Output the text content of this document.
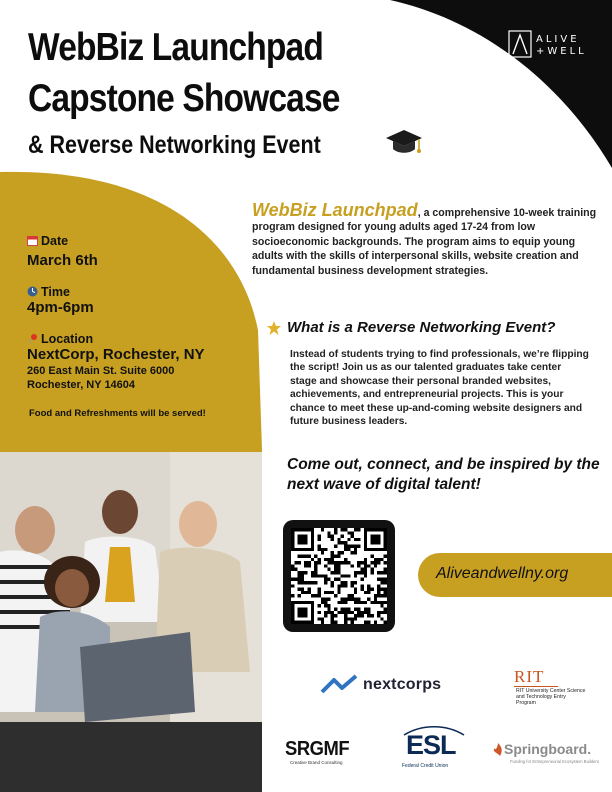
WebBiz Launchpad
Capstone Showcase
& Reverse Networking Event
ALIVE
+WELL
Date
March 6th
Time
4pm-6pm
Location
NextCorp, Rochester, NY
260 East Main St. Suite 6000
Rochester, NY 14604
Food and Refreshments will be served!
WebBiz Launchpad, a comprehensive 10-week training program designed for young adults aged 17-24 from low socioeconomic backgrounds. The program aims to equip young adults with the skills of interpersonal skills, website creation and fundamental business development strategies.
What is a Reverse Networking Event?
Instead of students trying to find professionals, we’re flipping the script! Join us as our talented graduates take center stage and showcase their personal branded websites, achievements, and entrepreneurial projects. This is your chance to meet these up-and-coming website designers and future business leaders.
Come out, connect, and be inspired by the next wave of digital talent!
Aliveandwellny.org
nextcorps	RIT
RIT University Center Science and Technology Entry Program
SRGMF
Creative Brand Consulting
ESL
Federal Credit Union
Springboard.
Funding for Entrepreneurial Ecosystem Builders
